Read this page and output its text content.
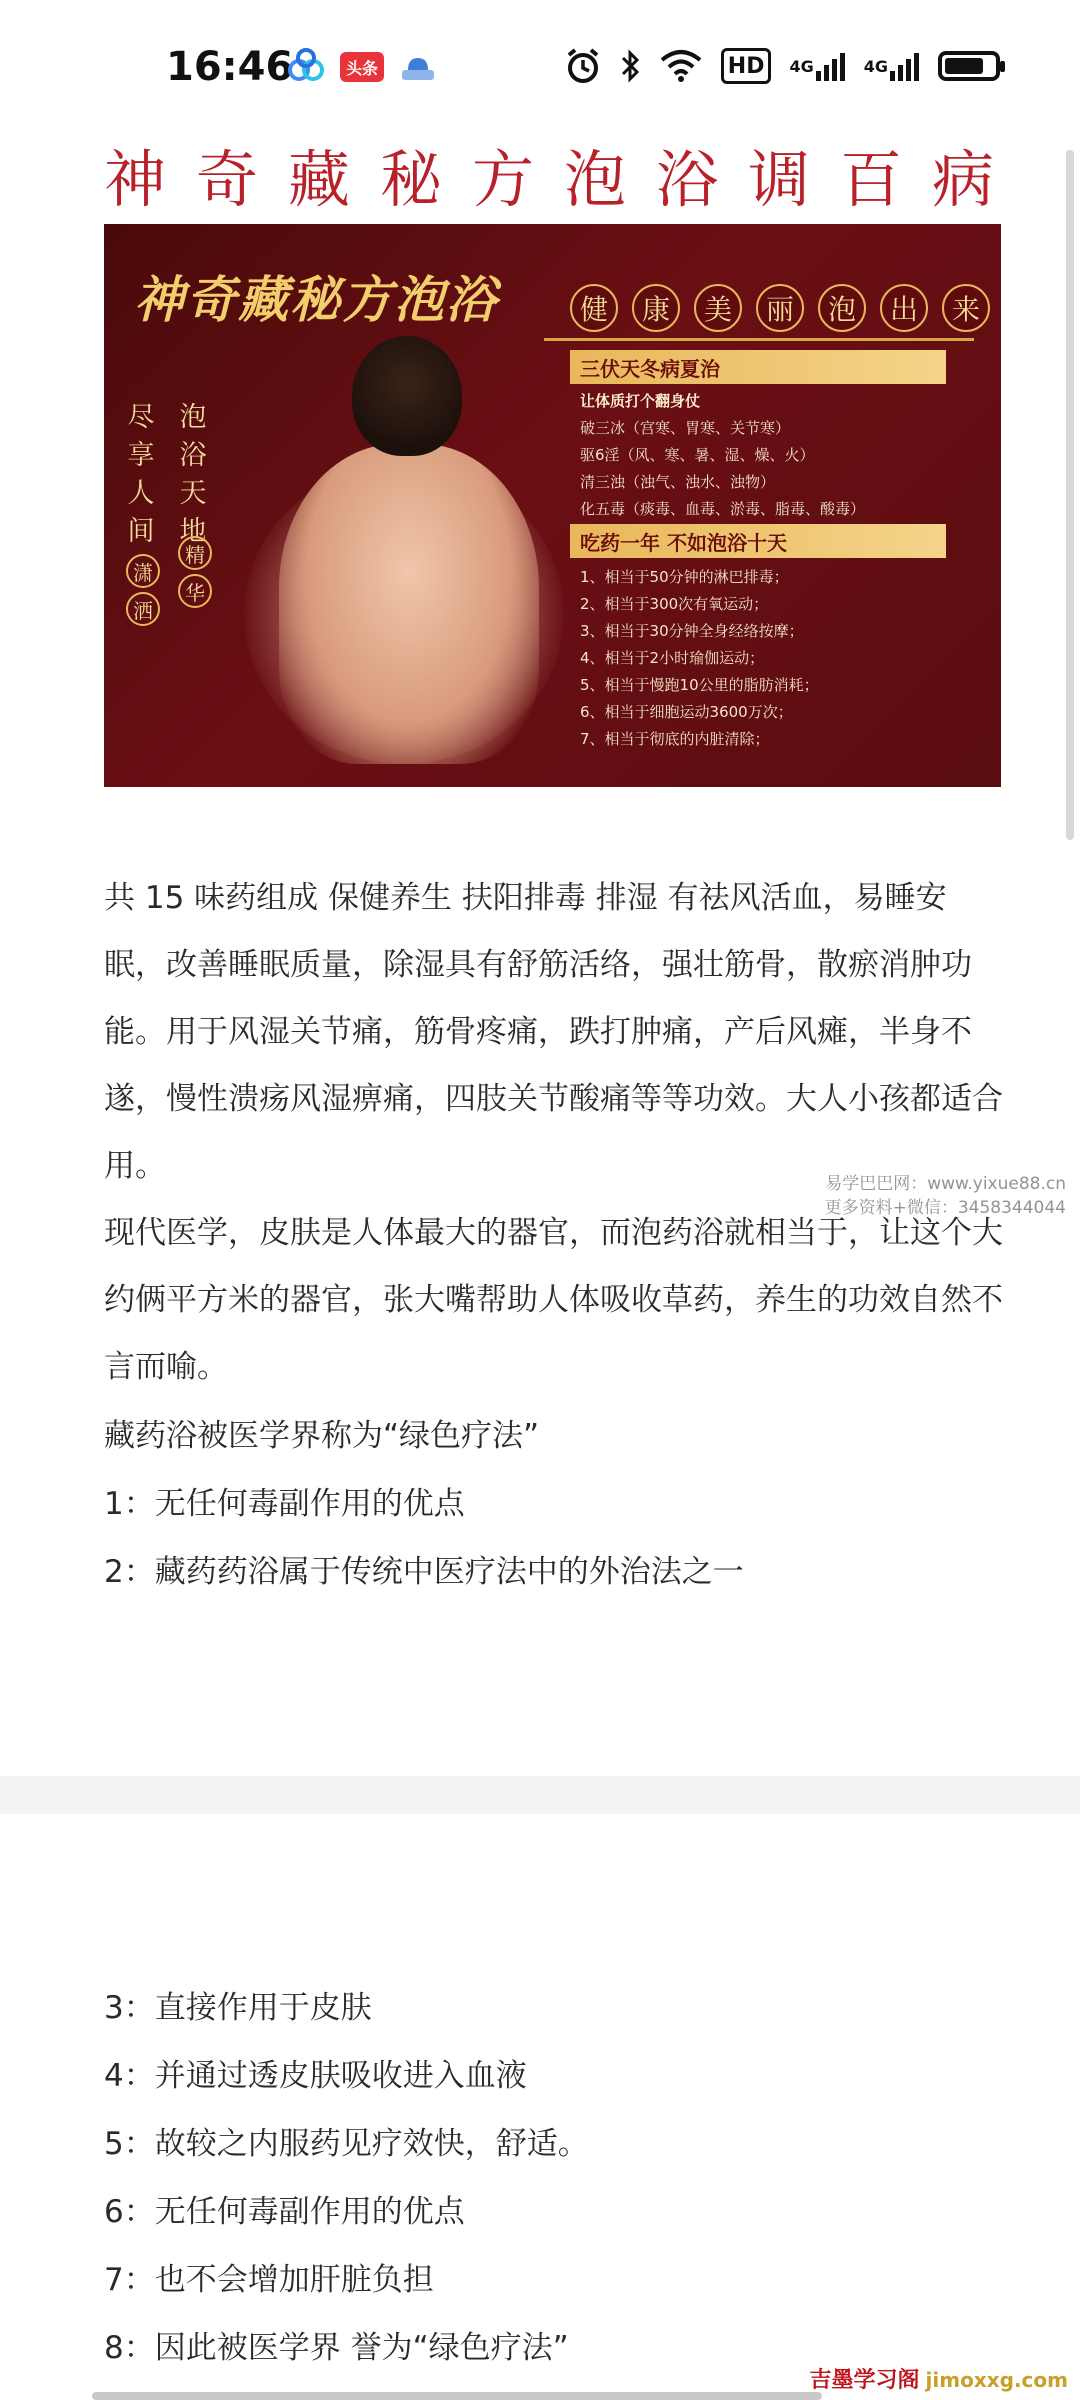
16:46	头条	HD 4G	4G
神奇藏秘方泡浴调百病
神奇藏秘方泡浴	健	康	美	丽	泡	出	来
尽享人间
泡浴天地
潇
洒
精
华
三伏天冬病夏治
让体质打个翻身仗
破三冰（宫寒、胃寒、关节寒）
驱6淫（风、寒、暑、湿、燥、火）
清三浊（浊气、浊水、浊物）
化五毒（痰毒、血毒、淤毒、脂毒、酸毒）
吃药一年 不如泡浴十天
1、相当于50分钟的淋巴排毒；
2、相当于300次有氧运动；
3、相当于30分钟全身经络按摩；
4、相当于2小时瑜伽运动；
5、相当于慢跑10公里的脂肪消耗；
6、相当于细胞运动3600万次；
7、相当于彻底的内脏清除；
共 15 味药组成 保健养生 扶阳排毒 排湿 有祛风活血，易睡安眠，改善睡眠质量，除湿具有舒筋活络，强壮筋骨，散瘀消肿功能。用于风湿关节痛，筋骨疼痛，跌打肿痛，产后风瘫，半身不遂，慢性溃疡风湿痹痛，四肢关节酸痛等等功效。大人小孩都适合用。
现代医学，皮肤是人体最大的器官，而泡药浴就相当于，让这个大约俩平方米的器官，张大嘴帮助人体吸收草药，养生的功效自然不言而喻。
藏药浴被医学界称为“绿色疗法”
1：无任何毒副作用的优点
2：藏药药浴属于传统中医疗法中的外治法之一
3：直接作用于皮肤
4：并通过透皮肤吸收进入血液
5：故较之内服药见疗效快，舒适。
6：无任何毒副作用的优点
7：也不会增加肝脏负担
8：因此被医学界 誉为“绿色疗法”
易学巴巴网：www.yixue88.cn
更多资料+微信：3458344044
吉墨学习阁 jimoxxg.com
